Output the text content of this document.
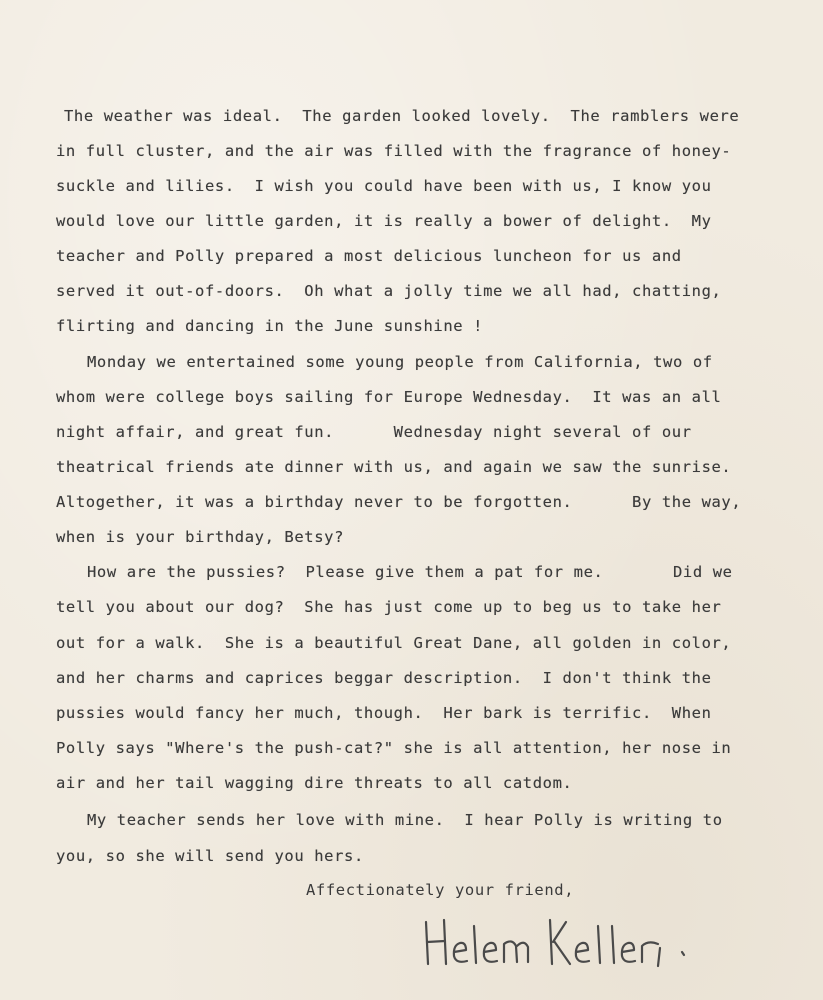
The weather was ideal.  The garden looked lovely.  The ramblers were
in full cluster, and the air was filled with the fragrance of honey-
suckle and lilies.  I wish you could have been with us, I know you
would love our little garden, it is really a bower of delight.  My
teacher and Polly prepared a most delicious luncheon for us and
served it out-of-doors.  Oh what a jolly time we all had, chatting,
flirting and dancing in the June sunshine !
Monday we entertained some young people from California, two of
whom were college boys sailing for Europe Wednesday.  It was an all
night affair, and great fun.      Wednesday night several of our
theatrical friends ate dinner with us, and again we saw the sunrise.
Altogether, it was a birthday never to be forgotten.      By the way,
when is your birthday, Betsy?
How are the pussies?  Please give them a pat for me.       Did we
tell you about our dog?  She has just come up to beg us to take her
out for a walk.  She is a beautiful Great Dane, all golden in color,
and her charms and caprices beggar description.  I don't think the
pussies would fancy her much, though.  Her bark is terrific.  When
Polly says "Where's the push-cat?" she is all attention, her nose in
air and her tail wagging dire threats to all catdom.
My teacher sends her love with mine.  I hear Polly is writing to
you, so she will send you hers.
Affectionately your friend,
